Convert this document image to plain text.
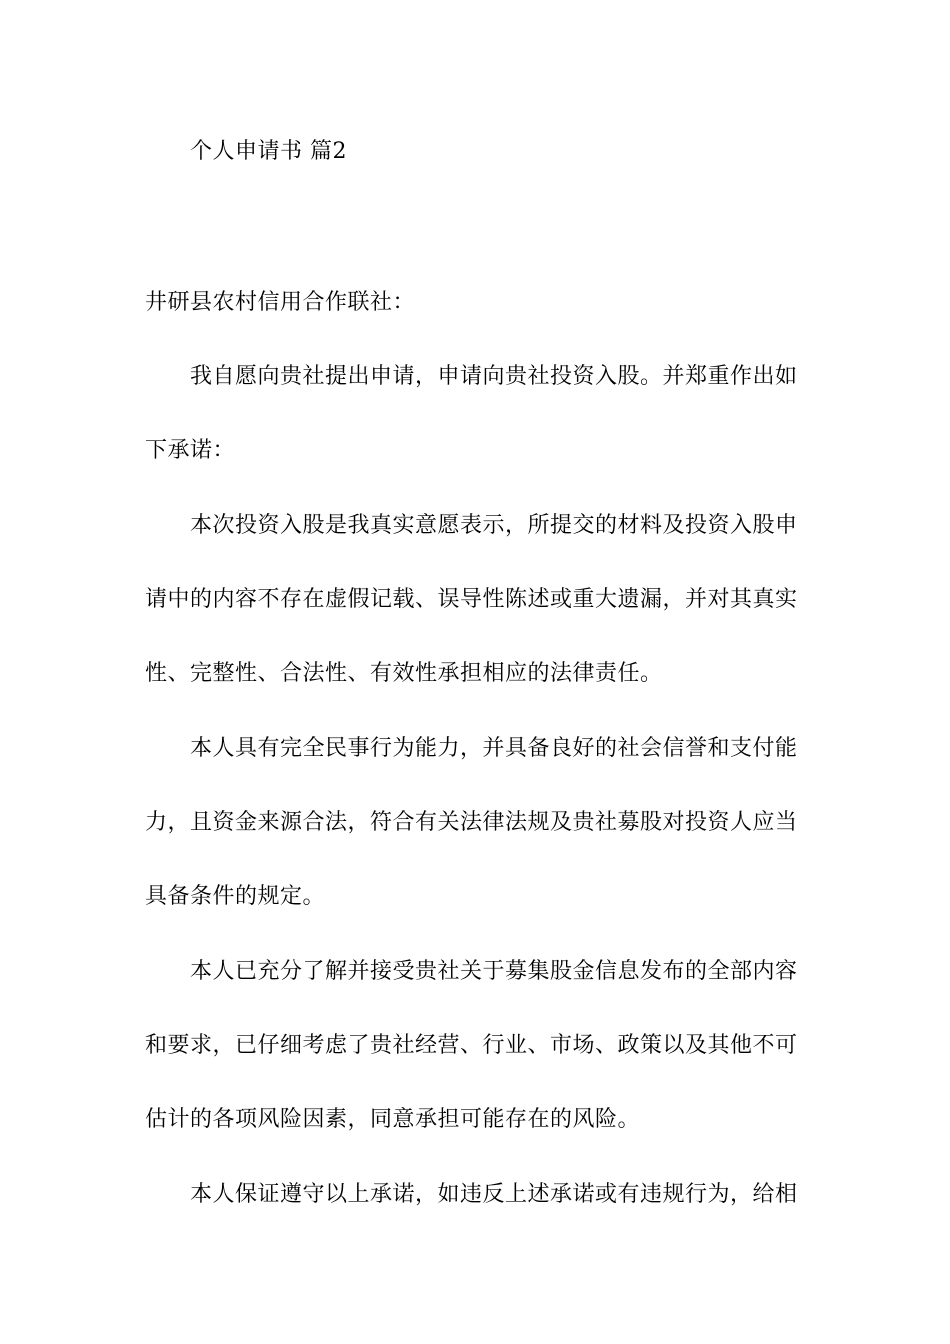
个人申请书 篇2
井研县农村信用合作联社：
我自愿向贵社提出申请，申请向贵社投资入股。并郑重作出如
下承诺：
本次投资入股是我真实意愿表示，所提交的材料及投资入股申
请中的内容不存在虚假记载、误导性陈述或重大遗漏，并对其真实
性、完整性、合法性、有效性承担相应的法律责任。
本人具有完全民事行为能力，并具备良好的社会信誉和支付能
力，且资金来源合法，符合有关法律法规及贵社募股对投资人应当
具备条件的规定。
本人已充分了解并接受贵社关于募集股金信息发布的全部内容
和要求，已仔细考虑了贵社经营、行业、市场、政策以及其他不可
估计的各项风险因素，同意承担可能存在的风险。
本人保证遵守以上承诺，如违反上述承诺或有违规行为，给相
